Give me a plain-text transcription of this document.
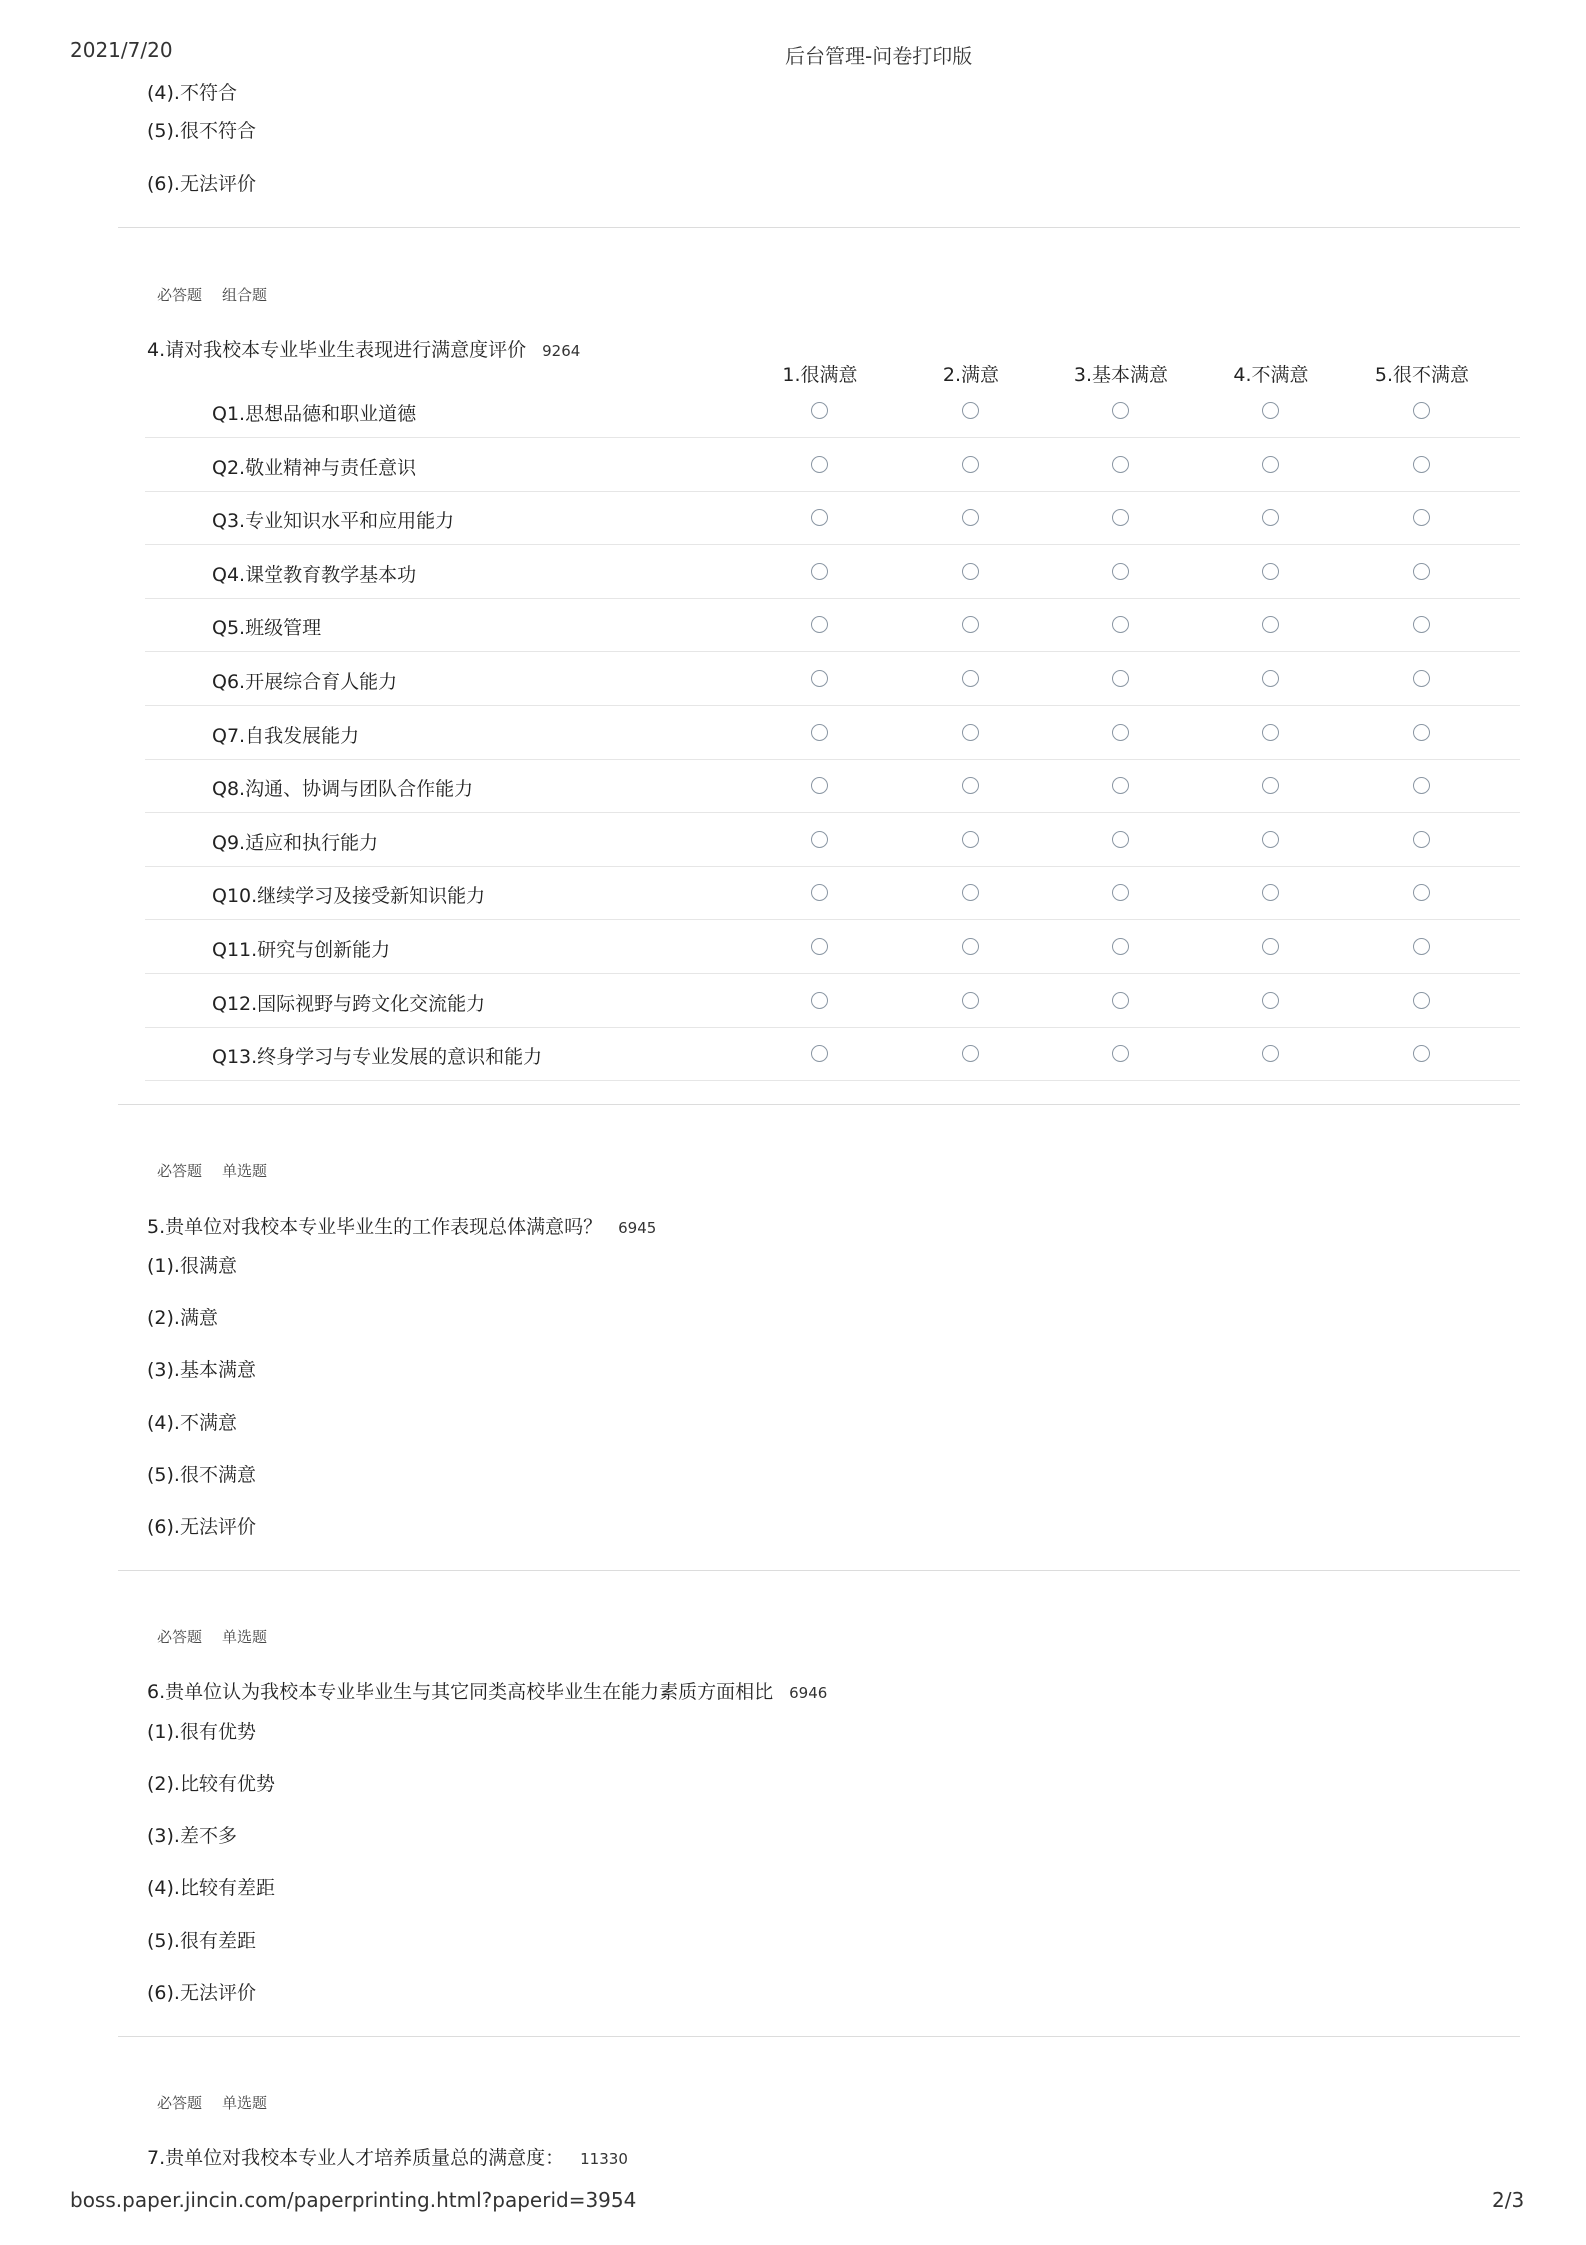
2021/7/20	后台管理-问卷打印版
(4).不符合
(5).很不符合
(6).无法评价
必答题 组合题
4.请对我校本专业毕业生表现进行满意度评价 9264
1.很满意	2.满意	3.基本满意	4.不满意	5.很不满意
Q1.思想品德和职业道德
Q2.敬业精神与责任意识
Q3.专业知识水平和应用能力
Q4.课堂教育教学基本功
Q5.班级管理
Q6.开展综合育人能力
Q7.自我发展能力
Q8.沟通、协调与团队合作能力
Q9.适应和执行能力
Q10.继续学习及接受新知识能力
Q11.研究与创新能力
Q12.国际视野与跨文化交流能力
Q13.终身学习与专业发展的意识和能力
必答题 单选题
5.贵单位对我校本专业毕业生的工作表现总体满意吗？ 6945
(1).很满意
(2).满意
(3).基本满意
(4).不满意
(5).很不满意
(6).无法评价
必答题 单选题
6.贵单位认为我校本专业毕业生与其它同类高校毕业生在能力素质方面相比 6946
(1).很有优势
(2).比较有优势
(3).差不多
(4).比较有差距
(5).很有差距
(6).无法评价
必答题 单选题
7.贵单位对我校本专业人才培养质量总的满意度： 11330
boss.paper.jincin.com/paperprinting.html?paperid=3954	2/3
